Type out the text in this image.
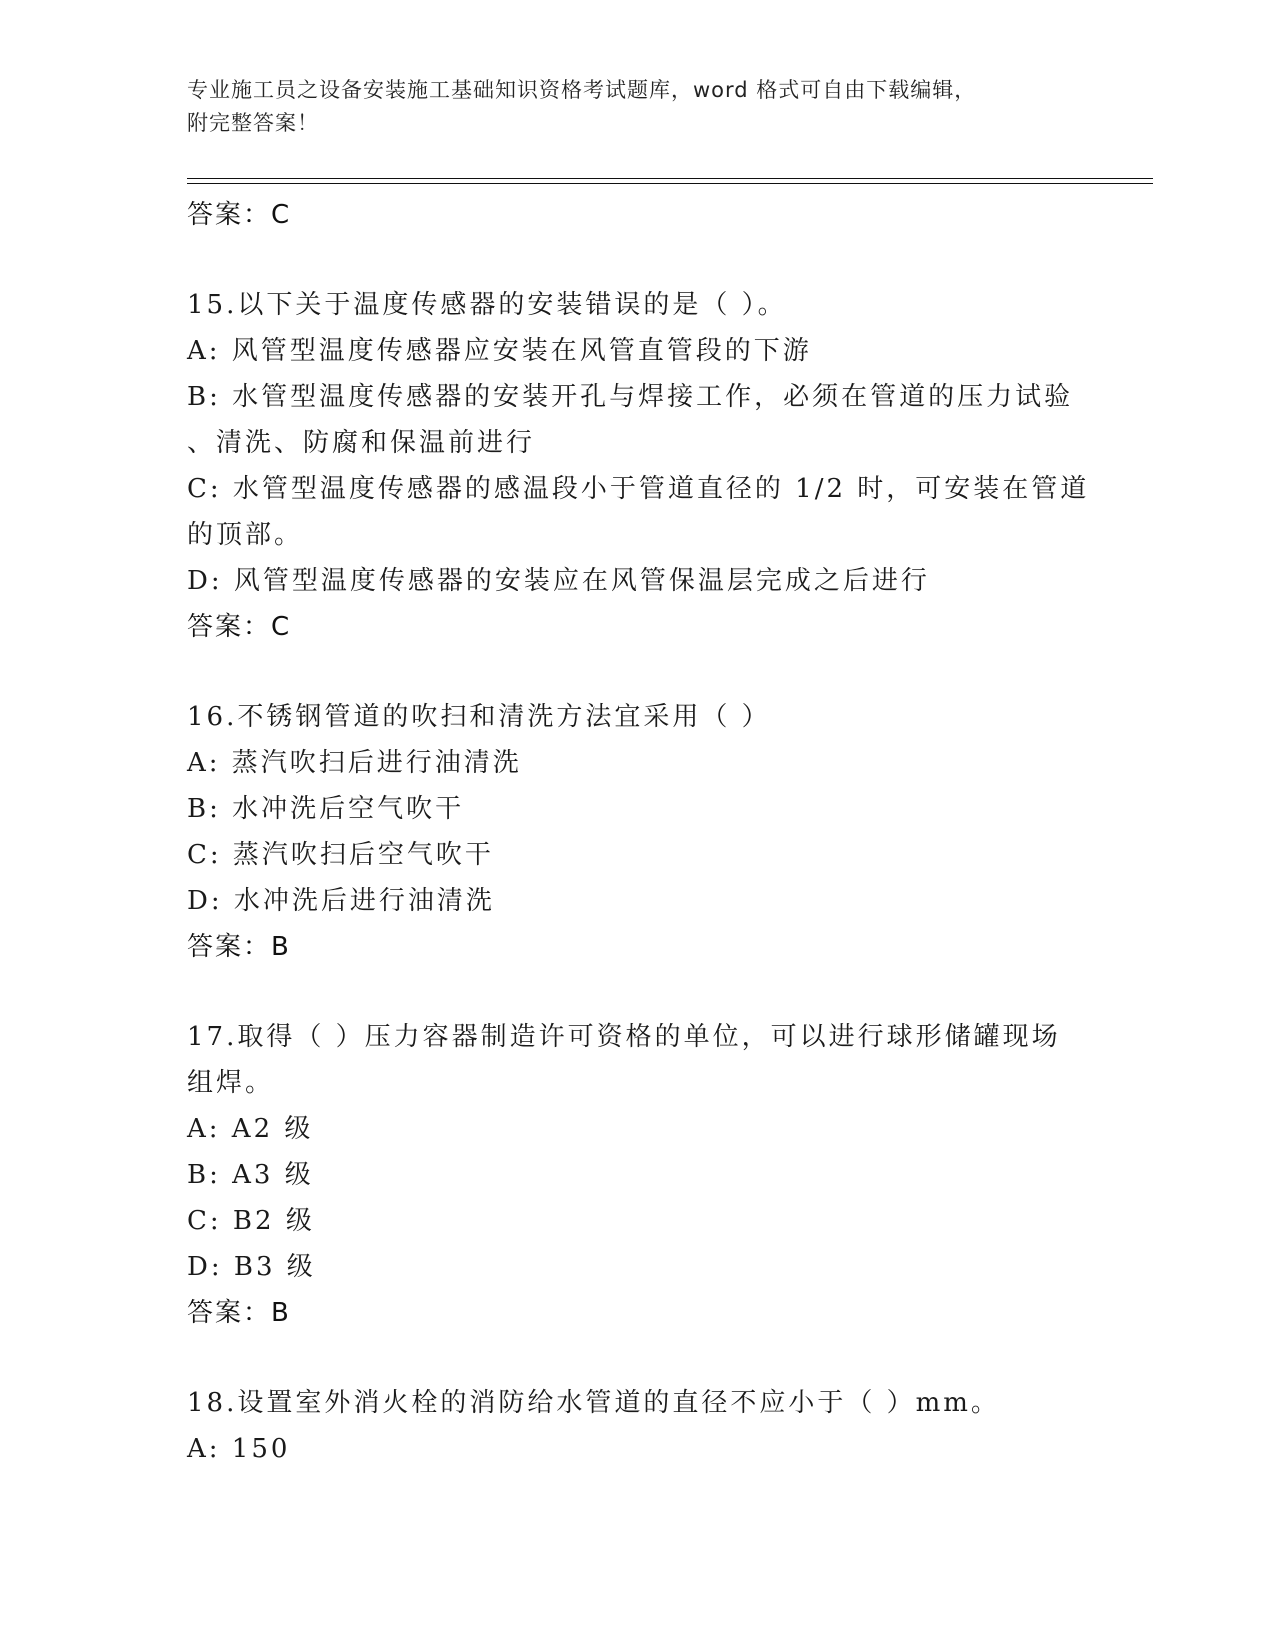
专业施工员之设备安装施工基础知识资格考试题库，word 格式可自由下载编辑，
附完整答案！
答案：C
15.以下关于温度传感器的安装错误的是（ ）。
A: 风管型温度传感器应安装在风管直管段的下游
B: 水管型温度传感器的安装开孔与焊接工作，必须在管道的压力试验
、清洗、防腐和保温前进行
C: 水管型温度传感器的感温段小于管道直径的 1/2 时，可安装在管道
的顶部。
D: 风管型温度传感器的安装应在风管保温层完成之后进行
答案：C
16.不锈钢管道的吹扫和清洗方法宜采用（ ）
A: 蒸汽吹扫后进行油清洗
B: 水冲洗后空气吹干
C: 蒸汽吹扫后空气吹干
D: 水冲洗后进行油清洗
答案：B
17.取得（ ）压力容器制造许可资格的单位，可以进行球形储罐现场
组焊。
A: A2 级
B: A3 级
C: B2 级
D: B3 级
答案：B
18.设置室外消火栓的消防给水管道的直径不应小于（ ）mm。
A: 150
